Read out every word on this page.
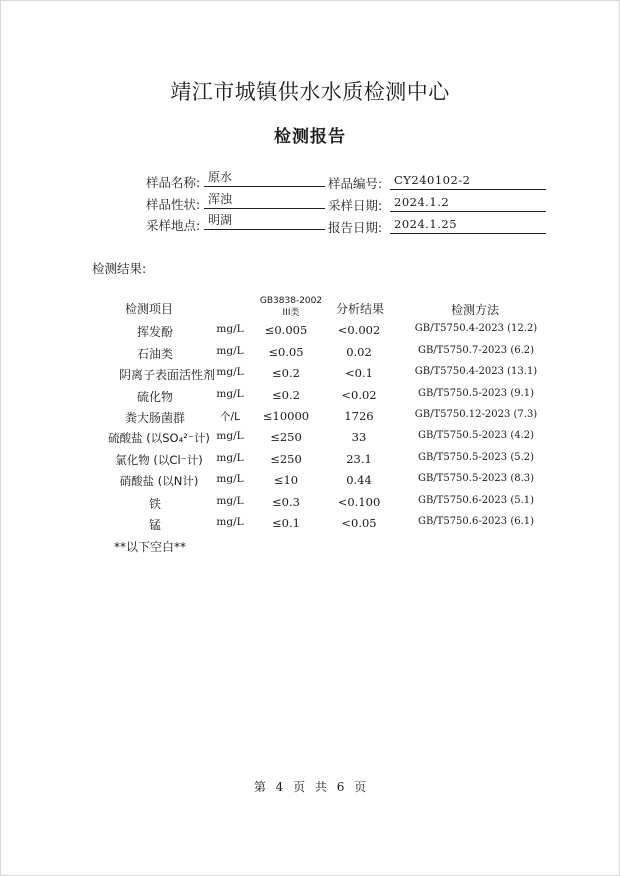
靖江市城镇供水水质检测中心
检测报告
样品名称: 原水	样品编号:	CY240102-2
样品性状: 浑浊	采样日期:	2024.1.2
采样地点: 明湖	报告日期:	2024.1.25
检测结果:
检测项目
GB3838-2002
III类	分析结果	检测方法
挥发酚	mg/L	≤0.005	<0.002	GB/T5750.4-2023 (12.2)
石油类	mg/L	≤0.05	0.02	GB/T5750.7-2023 (6.2)
阴离子表面活性剂 mg/L	≤0.2	<0.1	GB/T5750.4-2023 (13.1)
硫化物	mg/L	≤0.2	<0.02	GB/T5750.5-2023 (9.1)
粪大肠菌群	个/L	≤10000	1726	GB/T5750.12-2023 (7.3)
硫酸盐 (以SO₄²⁻计) mg/L	≤250	33	GB/T5750.5-2023 (4.2)
氯化物 (以Cl⁻计)	mg/L	≤250	23.1	GB/T5750.5-2023 (5.2)
硝酸盐 (以N计)	mg/L	≤10	0.44	GB/T5750.5-2023 (8.3)
铁	mg/L	≤0.3	<0.100	GB/T5750.6-2023 (5.1)
锰	mg/L	≤0.1	<0.05	GB/T5750.6-2023 (6.1)
**以下空白**
第 4 页 共 6 页
